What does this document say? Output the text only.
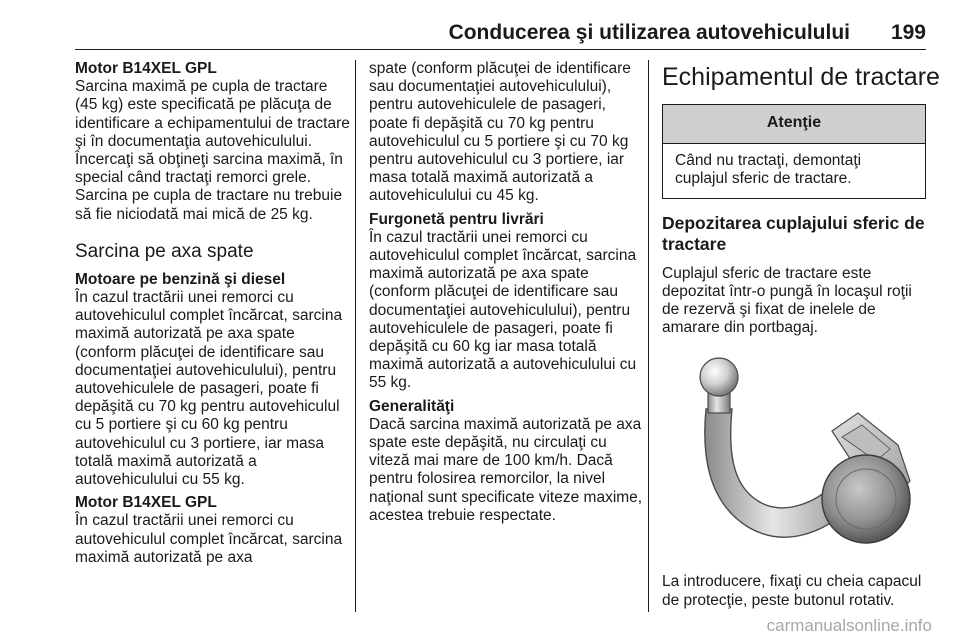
Conducerea şi utilizarea autovehiculului 199

Motor B14XEL GPL

Sarcina maximă pe cupla de tractare (45 kg) este specificată pe plăcuţa de identificare a echipamentului de tractare şi în documentaţia autovehiculului. Încercaţi să obţineţi sarcina maximă, în special când tractaţi remorci grele. Sarcina pe cupla de tractare nu trebuie să fie niciodată mai mică de 25 kg.

Sarcina pe axa spate

Motoare pe benzină şi diesel

În cazul tractării unei remorci cu autovehiculul complet încărcat, sarcina maximă autorizată pe axa spate (conform plăcuţei de identificare sau documentaţiei autovehiculului), pentru autovehiculele de pasageri, poate fi depăşită cu 70 kg pentru autovehiculul cu 5 portiere şi cu 60 kg pentru autovehiculul cu 3 portiere, iar masa totală maximă autorizată a autovehiculului cu 55 kg.

Motor B14XEL GPL

În cazul tractării unei remorci cu autovehiculul complet încărcat, sarcina maximă autorizată pe axa

spate (conform plăcuţei de identificare sau documentaţiei autovehiculului), pentru autovehiculele de pasageri, poate fi depăşită cu 70 kg pentru autovehiculul cu 5 portiere şi cu 70 kg pentru autovehiculul cu 3 portiere, iar masa totală maximă autorizată a autovehiculului cu 45 kg.

Furgonetă pentru livrări

În cazul tractării unei remorci cu autovehiculul complet încărcat, sarcina maximă autorizată pe axa spate (conform plăcuţei de identificare sau documentaţiei autovehiculului), pentru autovehiculele de pasageri, poate fi depăşită cu 60 kg iar masa totală maximă autorizată a autovehiculului cu 55 kg.

Generalităţi

Dacă sarcina maximă autorizată pe axa spate este depăşită, nu circulaţi cu viteză mai mare de 100 km/h. Dacă pentru folosirea remorcilor, la nivel naţional sunt specificate viteze maxime, acestea trebuie respectate.

Echipamentul de tractare
Atenţie
Când nu tractaţi, demontaţi cuplajul sferic de tractare.
Depozitarea cuplajului sferic de tractare

Cuplajul sferic de tractare este depozitat într-o pungă în locaşul roţii de rezervă şi fixat de inelele de amarare din portbagaj.

La introducere, fixaţi cu cheia capacul de protecţie, peste butonul rotativ.

carmanualsonline.info
